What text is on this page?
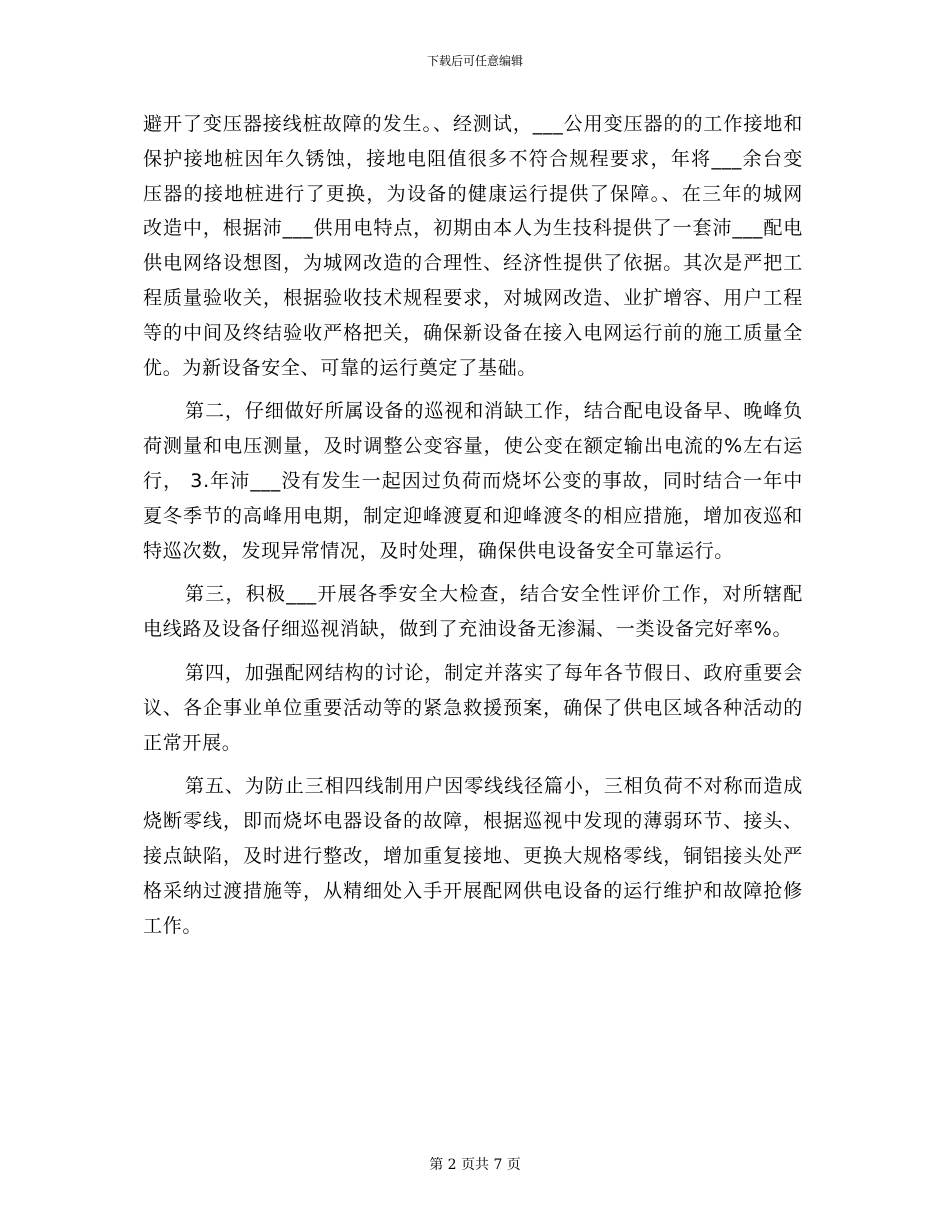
下载后可任意编辑

避开了变压器接线桩故障的发生。、经测试，___公用变压器的的工作接地和保护接地桩因年久锈蚀，接地电阻值很多不符合规程要求，年将___余台变压器的接地桩进行了更换，为设备的健康运行提供了保障。、在三年的城网改造中，根据沛___供用电特点，初期由本人为生技科提供了一套沛___配电供电网络设想图，为城网改造的合理性、经济性提供了依据。其次是严把工程质量验收关，根据验收技术规程要求，对城网改造、业扩增容、用户工程等的中间及终结验收严格把关，确保新设备在接入电网运行前的施工质量全优。为新设备安全、可靠的运行奠定了基础。

第二，仔细做好所属设备的巡视和消缺工作，结合配电设备早、晚峰负荷测量和电压测量，及时调整公变容量，使公变在额定输出电流的%左右运行， 3.年沛___没有发生一起因过负荷而烧坏公变的事故，同时结合一年中夏冬季节的高峰用电期，制定迎峰渡夏和迎峰渡冬的相应措施，增加夜巡和特巡次数，发现异常情况，及时处理，确保供电设备安全可靠运行。

第三，积极___开展各季安全大检查，结合安全性评价工作，对所辖配电线路及设备仔细巡视消缺，做到了充油设备无渗漏、一类设备完好率%。

第四，加强配网结构的讨论，制定并落实了每年各节假日、政府重要会议、各企事业单位重要活动等的紧急救援预案，确保了供电区域各种活动的正常开展。

第五、为防止三相四线制用户因零线线径篇小，三相负荷不对称而造成烧断零线，即而烧坏电器设备的故障，根据巡视中发现的薄弱环节、接头、接点缺陷，及时进行整改，增加重复接地、更换大规格零线，铜铝接头处严格采纳过渡措施等，从精细处入手开展配网供电设备的运行维护和故障抢修工作。

第 2 页共 7 页
